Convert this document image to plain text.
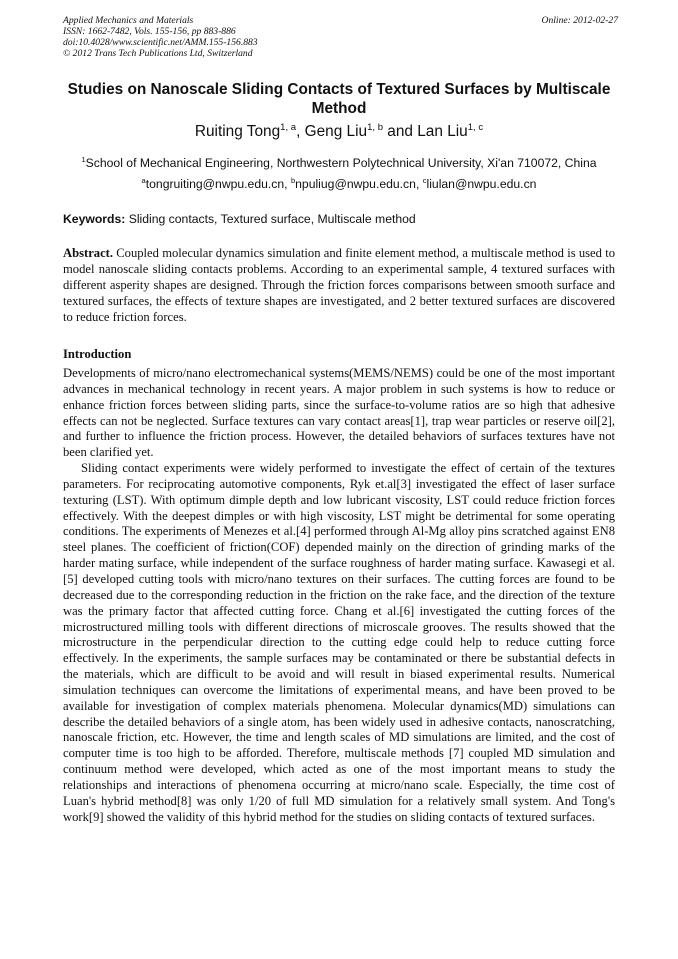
Applied Mechanics and Materials
ISSN: 1662-7482, Vols. 155-156, pp 883-886
doi:10.4028/www.scientific.net/AMM.155-156.883
© 2012 Trans Tech Publications Ltd, Switzerland
Online: 2012-02-27
Studies on Nanoscale Sliding Contacts of Textured Surfaces by Multiscale Method
Ruiting Tong$^{1, a}$, Geng Liu$^{1, b}$ and Lan Liu$^{1, c}$
$^1$School of Mechanical Engineering, Northwestern Polytechnical University, Xi'an 710072, China
$^a$tongruiting@nwpu.edu.cn, $^b$npuliug@nwpu.edu.cn, $^c$liulan@nwpu.edu.cn
Keywords: Sliding contacts, Textured surface, Multiscale method
Abstract. Coupled molecular dynamics simulation and finite element method, a multiscale method is used to model nanoscale sliding contacts problems. According to an experimental sample, 4 textured surfaces with different asperity shapes are designed. Through the friction forces comparisons between smooth surface and textured surfaces, the effects of texture shapes are investigated, and 2 better textured surfaces are discovered to reduce friction forces.
Introduction

Developments of micro/nano electromechanical systems(MEMS/NEMS) could be one of the most important advances in mechanical technology in recent years. A major problem in such systems is how to reduce or enhance friction forces between sliding parts, since the surface-to-volume ratios are so high that adhesive effects can not be neglected. Surface textures can vary contact areas[1], trap wear particles or reserve oil[2], and further to influence the friction process. However, the detailed behaviors of surfaces textures have not been clarified yet.

Sliding contact experiments were widely performed to investigate the effect of certain of the textures parameters. For reciprocating automotive components, Ryk et.al[3] investigated the effect of laser surface texturing (LST). With optimum dimple depth and low lubricant viscosity, LST could reduce friction forces effectively. With the deepest dimples or with high viscosity, LST might be detrimental for some operating conditions. The experiments of Menezes et al.[4] performed through Al-Mg alloy pins scratched against EN8 steel planes. The coefficient of friction(COF) depended mainly on the direction of grinding marks of the harder mating surface, while independent of the surface roughness of harder mating surface. Kawasegi et al.[5] developed cutting tools with micro/nano textures on their surfaces. The cutting forces are found to be decreased due to the corresponding reduction in the friction on the rake face, and the direction of the texture was the primary factor that affected cutting force. Chang et al.[6] investigated the cutting forces of the microstructured milling tools with different directions of microscale grooves. The results showed that the microstructure in the perpendicular direction to the cutting edge could help to reduce cutting force effectively. In the experiments, the sample surfaces may be contaminated or there be substantial defects in the materials, which are difficult to be avoid and will result in biased experimental results. Numerical simulation techniques can overcome the limitations of experimental means, and have been proved to be available for investigation of complex materials phenomena. Molecular dynamics(MD) simulations can describe the detailed behaviors of a single atom, has been widely used in adhesive contacts, nanoscratching, nanoscale friction, etc. However, the time and length scales of MD simulations are limited, and the cost of computer time is too high to be afforded. Therefore, multiscale methods [7] coupled MD simulation and continuum method were developed, which acted as one of the most important means to study the relationships and interactions of phenomena occurring at micro/nano scale. Especially, the time cost of Luan's hybrid method[8] was only 1/20 of full MD simulation for a relatively small system. And Tong's work[9] showed the validity of this hybrid method for the studies on sliding contacts of textured surfaces.
